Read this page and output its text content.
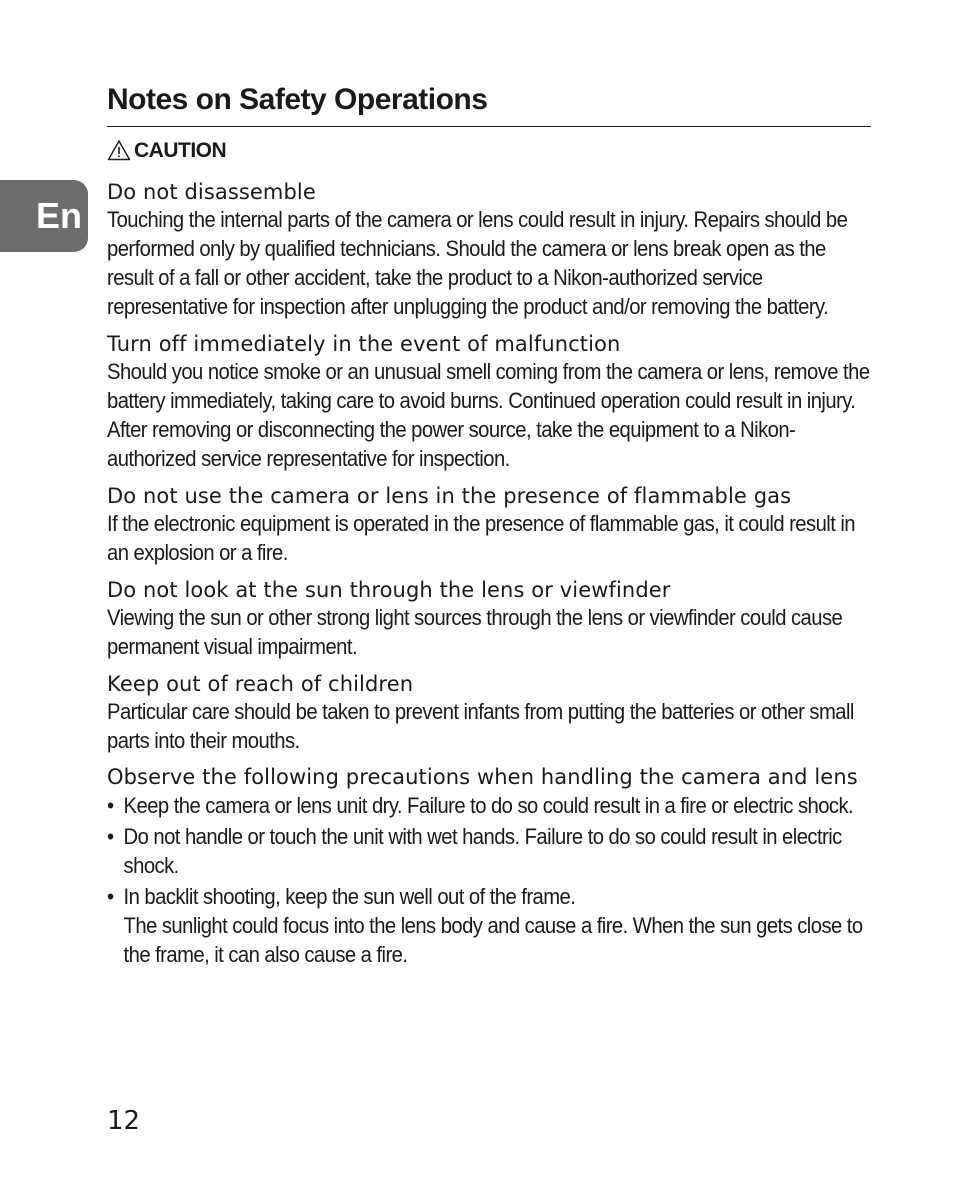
En
Notes on Safety Operations
CAUTION
Do not disassemble
Touching the internal parts of the camera or lens could result in injury. Repairs should be performed only by qualified technicians. Should the camera or lens break open as the result of a fall or other accident, take the product to a Nikon-authorized service representative for inspection after unplugging the product and/or removing the battery.
Turn off immediately in the event of malfunction
Should you notice smoke or an unusual smell coming from the camera or lens, remove the battery immediately, taking care to avoid burns. Continued operation could result in injury. After removing or disconnecting the power source, take the equipment to a Nikon-authorized service representative for inspection.
Do not use the camera or lens in the presence of flammable gas
If the electronic equipment is operated in the presence of flammable gas, it could result in an explosion or a fire.
Do not look at the sun through the lens or viewfinder
Viewing the sun or other strong light sources through the lens or viewfinder could cause permanent visual impairment.
Keep out of reach of children
Particular care should be taken to prevent infants from putting the batteries or other small parts into their mouths.
Observe the following precautions when handling the camera and lens
• Keep the camera or lens unit dry. Failure to do so could result in a fire or electric shock.

• Do not handle or touch the unit with wet hands. Failure to do so could result in electric shock.

• In backlit shooting, keep the sun well out of the frame.

The sunlight could focus into the lens body and cause a fire. When the sun gets close to the frame, it can also cause a fire.

12
